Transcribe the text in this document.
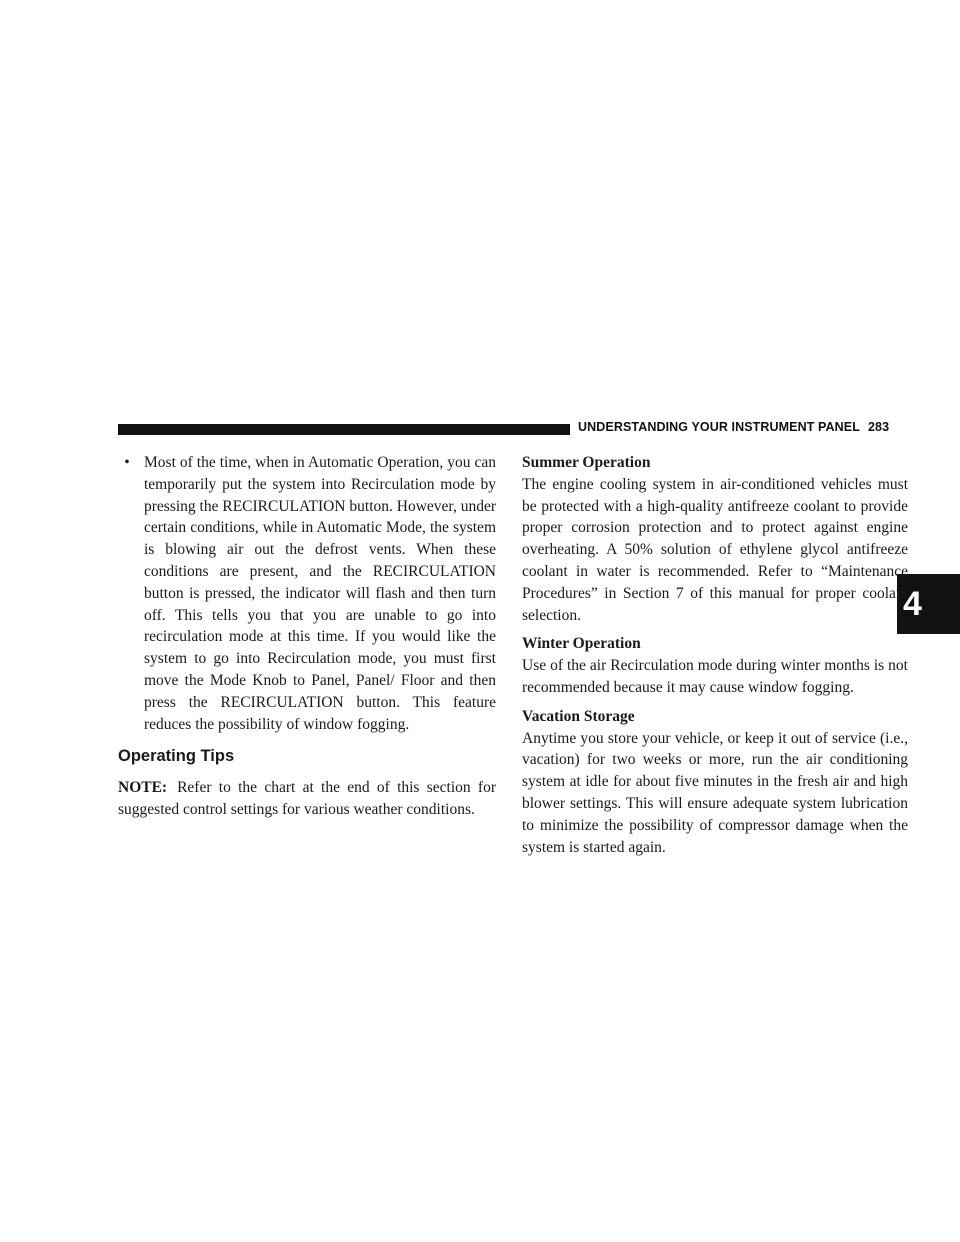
UNDERSTANDING YOUR INSTRUMENT PANEL 283
4
• Most of the time, when in Automatic Operation, you can temporarily put the system into Recirculation mode by pressing the RECIRCULATION button. However, under certain conditions, while in Automatic Mode, the system is blowing air out the defrost vents. When these conditions are present, and the RECIRCULATION button is pressed, the indicator will flash and then turn off. This tells you that you are unable to go into recirculation mode at this time. If you would like the system to go into Recirculation mode, you must first move the Mode Knob to Panel, Panel/ Floor and then press the RECIRCULATION button. This feature reduces the possibility of window fogging.
Operating Tips
NOTE: Refer to the chart at the end of this section for suggested control settings for various weather conditions.
Summer Operation

The engine cooling system in air-conditioned vehicles must be protected with a high-quality antifreeze coolant to provide proper corrosion protection and to protect against engine overheating. A 50% solution of ethylene glycol antifreeze coolant in water is recommended. Refer to “Maintenance Procedures” in Section 7 of this manual for proper coolant selection.

Winter Operation

Use of the air Recirculation mode during winter months is not recommended because it may cause window fogging.

Vacation Storage

Anytime you store your vehicle, or keep it out of service (i.e., vacation) for two weeks or more, run the air conditioning system at idle for about five minutes in the fresh air and high blower settings. This will ensure adequate system lubrication to minimize the possibility of compressor damage when the system is started again.
